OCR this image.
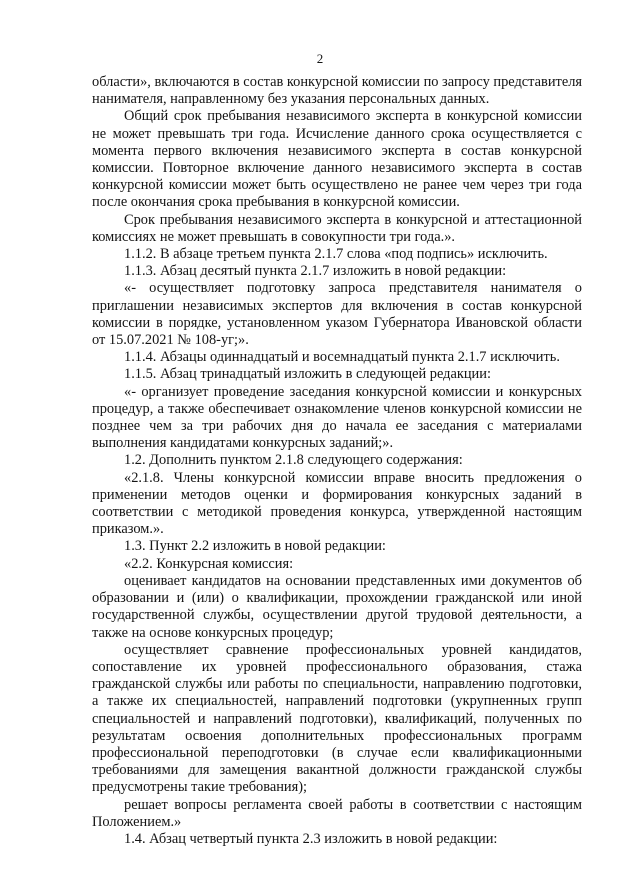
2

области», включаются в состав конкурсной комиссии по запросу представителя нанимателя, направленному без указания персональных данных.

Общий срок пребывания независимого эксперта в конкурсной комиссии не может превышать три года. Исчисление данного срока осуществляется с момента первого включения независимого эксперта в состав конкурсной комиссии. Повторное включение данного независимого эксперта в состав конкурсной комиссии может быть осуществлено не ранее чем через три года после окончания срока пребывания в конкурсной комиссии.

Срок пребывания независимого эксперта в конкурсной и аттестационной комиссиях не может превышать в совокупности три года.».

1.1.2. В абзаце третьем пункта 2.1.7 слова «под подпись» исключить.

1.1.3. Абзац десятый пункта 2.1.7 изложить в новой редакции:

«- осуществляет подготовку запроса представителя нанимателя о приглашении независимых экспертов для включения в состав конкурсной комиссии в порядке, установленном указом Губернатора Ивановской области от 15.07.2021 № 108-уг;».

1.1.4. Абзацы одиннадцатый и восемнадцатый пункта 2.1.7 исключить.

1.1.5. Абзац тринадцатый изложить в следующей редакции:

«- организует проведение заседания конкурсной комиссии и конкурсных процедур, а также обеспечивает ознакомление членов конкурсной комиссии не позднее чем за три рабочих дня до начала ее заседания с материалами выполнения кандидатами конкурсных заданий;».

1.2. Дополнить пунктом 2.1.8 следующего содержания:

«2.1.8. Члены конкурсной комиссии вправе вносить предложения о применении методов оценки и формирования конкурсных заданий в соответствии с методикой проведения конкурса, утвержденной настоящим приказом.».

1.3. Пункт 2.2 изложить в новой редакции:

«2.2. Конкурсная комиссия:

оценивает кандидатов на основании представленных ими документов об образовании и (или) о квалификации, прохождении гражданской или иной государственной службы, осуществлении другой трудовой деятельности, а также на основе конкурсных процедур;

осуществляет сравнение профессиональных уровней кандидатов, сопоставление их уровней профессионального образования, стажа гражданской службы или работы по специальности, направлению подготовки, а также их специальностей, направлений подготовки (укрупненных групп специальностей и направлений подготовки), квалификаций, полученных по результатам освоения дополнительных профессиональных программ профессиональной переподготовки (в случае если квалификационными требованиями для замещения вакантной должности гражданской службы предусмотрены такие требования);

решает вопросы регламента своей работы в соответствии с настоящим Положением.»

1.4. Абзац четвертый пункта 2.3 изложить в новой редакции:
